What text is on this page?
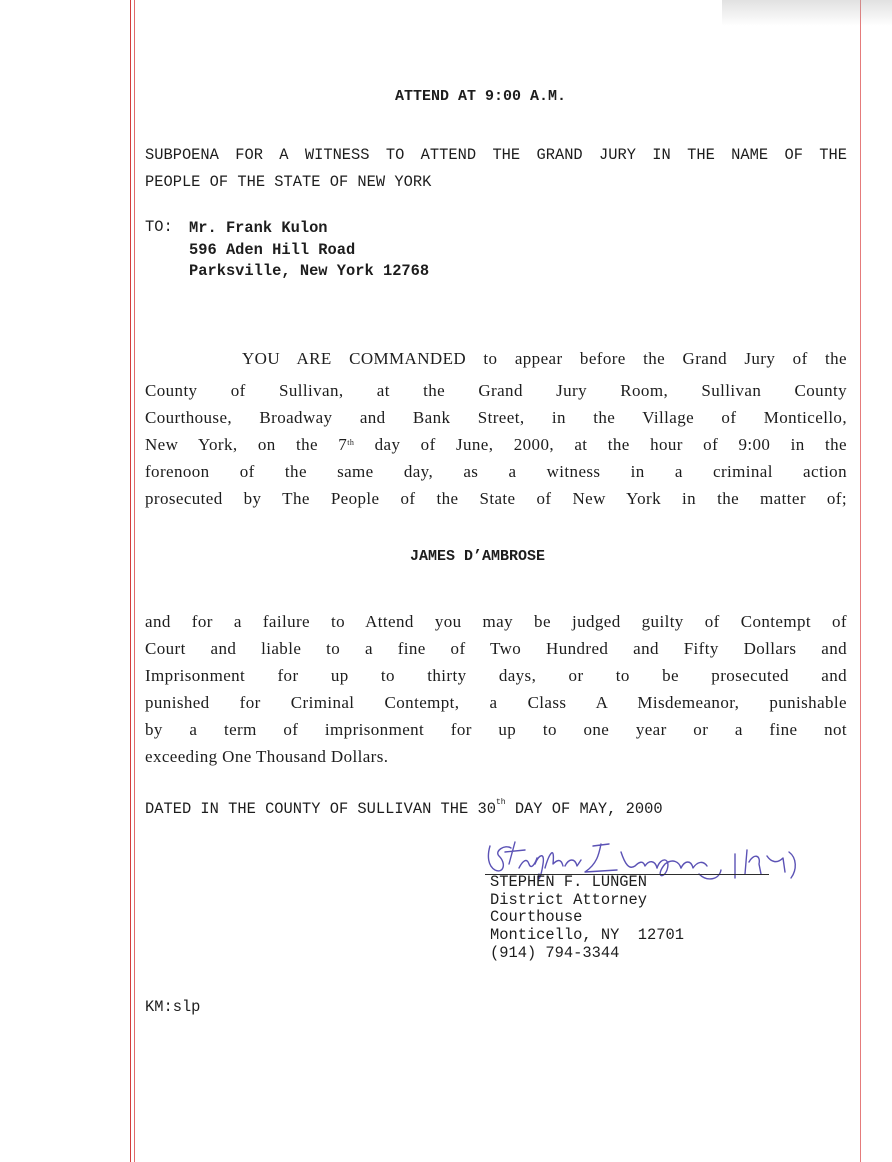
ATTEND AT 9:00 A.M.
SUBPOENA FOR A WITNESS TO ATTEND THE GRAND JURY IN THE NAME OF THE
PEOPLE OF THE STATE OF NEW YORK
TO: Mr. Frank Kulon
596 Aden Hill Road
Parksville, New York 12768
YOU ARE COMMANDED to appear before the Grand Jury of the
County of Sullivan, at the Grand Jury Room, Sullivan County
Courthouse, Broadway and Bank Street, in the Village of Monticello,
New York, on the 7th day of June, 2000, at the hour of 9:00 in the
forenoon of the same day, as a witness in a criminal action
prosecuted by The People of the State of New York in the matter of;
JAMES D’AMBROSE
and for a failure to Attend you may be judged guilty of Contempt of
Court and liable to a fine of Two Hundred and Fifty Dollars and
Imprisonment for up to thirty days, or to be prosecuted and
punished for Criminal Contempt, a Class A Misdemeanor, punishable
by a term of imprisonment for up to one year or a fine not
exceeding One Thousand Dollars.
DATED IN THE COUNTY OF SULLIVAN THE 30th DAY OF MAY, 2000
STEPHEN F. LUNGEN
District Attorney
Courthouse
Monticello, NY  12701
(914) 794-3344
KM:slp
